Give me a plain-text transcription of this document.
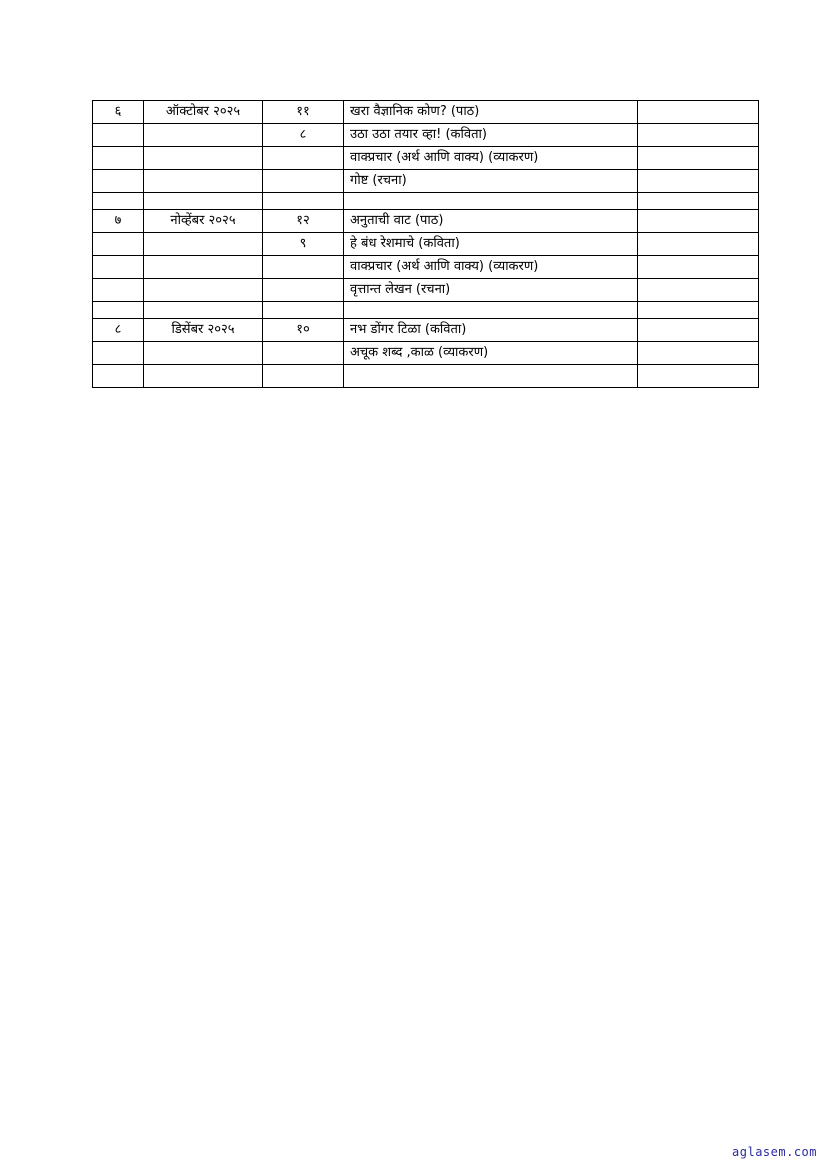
६	ऑक्टोबर २०२५	११	खरा वैज्ञानिक कोण? (पाठ)	
		८	उठा उठा तयार व्हा! (कविता)	
			वाक्प्रचार (अर्थ आणि वाक्य) (व्याकरण)	
			गोष्ट (रचना)	

७	नोव्हेंबर २०२५	१२	अनुताची वाट (पाठ)	
		९	हे बंध रेशमाचे (कविता)	
			वाक्प्रचार (अर्थ आणि वाक्य) (व्याकरण)	
			वृत्तान्त लेखन (रचना)	

८	डिसेंबर २०२५	१०	नभ डोंगर टिळा (कविता)	
			अचूक शब्द ,काळ (व्याकरण)	

aglasem.com
